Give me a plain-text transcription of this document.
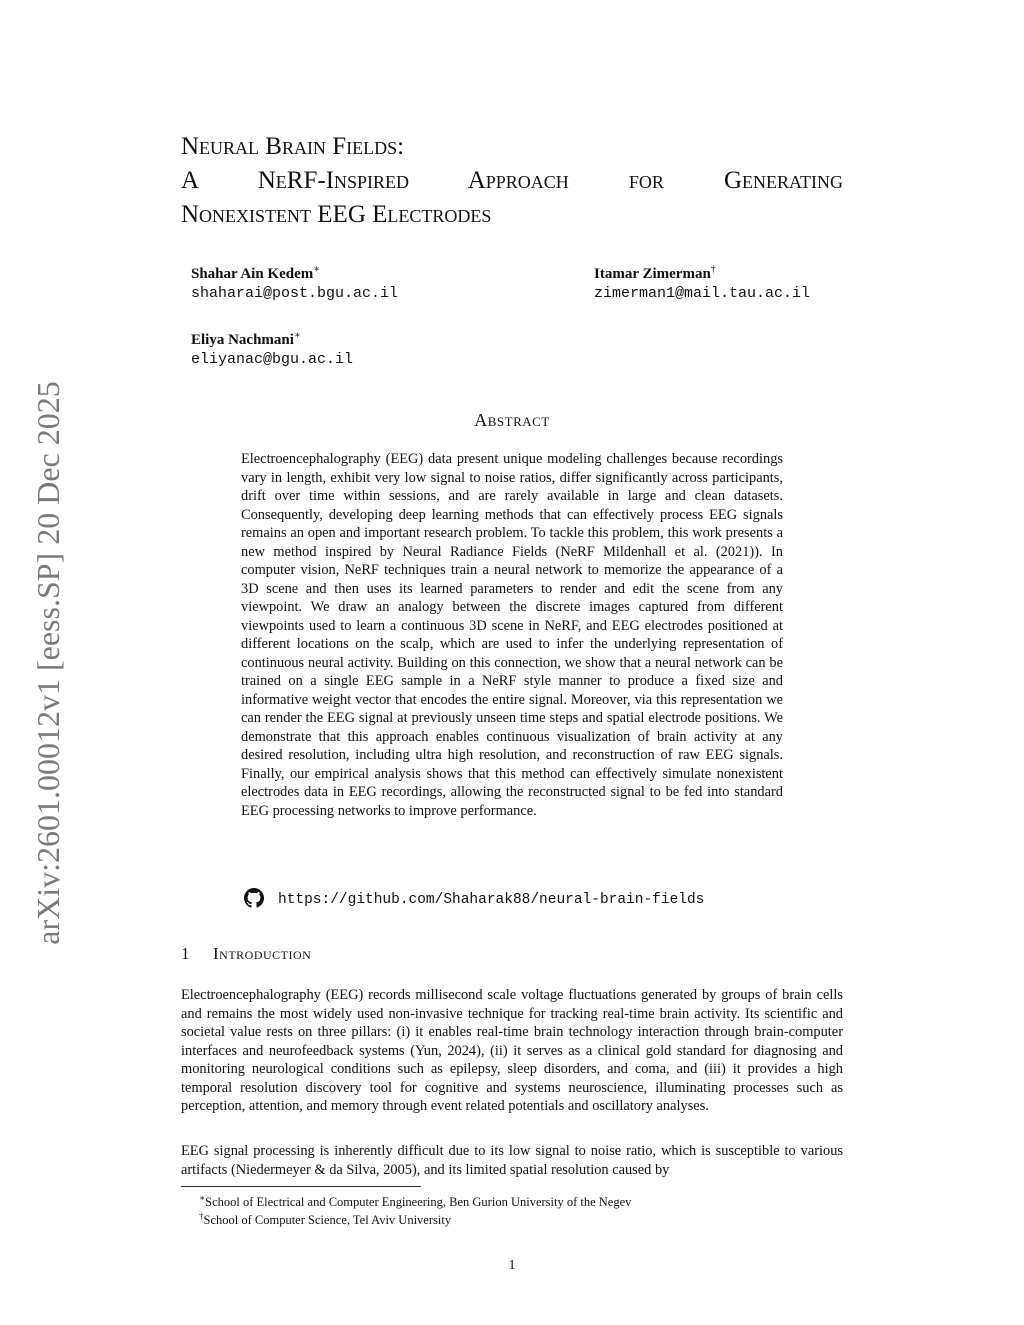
arXiv:2601.00012v1 [eess.SP] 20 Dec 2025
Neural Brain Fields:
A NeRF-Inspired Approach for Generating
Nonexistent EEG Electrodes
Shahar Ain Kedem∗
shaharai@post.bgu.ac.il
Itamar Zimerman†
zimerman1@mail.tau.ac.il
Eliya Nachmani∗
eliyanac@bgu.ac.il
Abstract

Electroencephalography (EEG) data present unique modeling challenges because recordings vary in length, exhibit very low signal to noise ratios, differ significantly across participants, drift over time within sessions, and are rarely available in large and clean datasets. Consequently, developing deep learning methods that can effectively process EEG signals remains an open and important research problem. To tackle this problem, this work presents a new method inspired by Neural Radiance Fields (NeRF Mildenhall et al. (2021)). In computer vision, NeRF techniques train a neural network to memorize the appearance of a 3D scene and then uses its learned parameters to render and edit the scene from any viewpoint. We draw an analogy between the discrete images captured from different viewpoints used to learn a continuous 3D scene in NeRF, and EEG electrodes positioned at different locations on the scalp, which are used to infer the underlying representation of continuous neural activity. Building on this connection, we show that a neural network can be trained on a single EEG sample in a NeRF style manner to produce a fixed size and informative weight vector that encodes the entire signal. Moreover, via this representation we can render the EEG signal at previously unseen time steps and spatial electrode positions. We demonstrate that this approach enables continuous visualization of brain activity at any desired resolution, including ultra high resolution, and reconstruction of raw EEG signals. Finally, our empirical analysis shows that this method can effectively simulate nonexistent electrodes data in EEG recordings, allowing the reconstructed signal to be fed into standard EEG processing networks to improve performance.

https://github.com/Shaharak88/neural-brain-fields
1 Introduction

Electroencephalography (EEG) records millisecond scale voltage fluctuations generated by groups of brain cells and remains the most widely used non-invasive technique for tracking real-time brain activity. Its scientific and societal value rests on three pillars: (i) it enables real-time brain technology interaction through brain-computer interfaces and neurofeedback systems (Yun, 2024), (ii) it serves as a clinical gold standard for diagnosing and monitoring neurological conditions such as epilepsy, sleep disorders, and coma, and (iii) it provides a high temporal resolution discovery tool for cognitive and systems neuroscience, illuminating processes such as perception, attention, and memory through event related potentials and oscillatory analyses.

EEG signal processing is inherently difficult due to its low signal to noise ratio, which is susceptible to various artifacts (Niedermeyer & da Silva, 2005), and its limited spatial resolution caused by

∗School of Electrical and Computer Engineering, Ben Gurion University of the Negev
†School of Computer Science, Tel Aviv University
1
